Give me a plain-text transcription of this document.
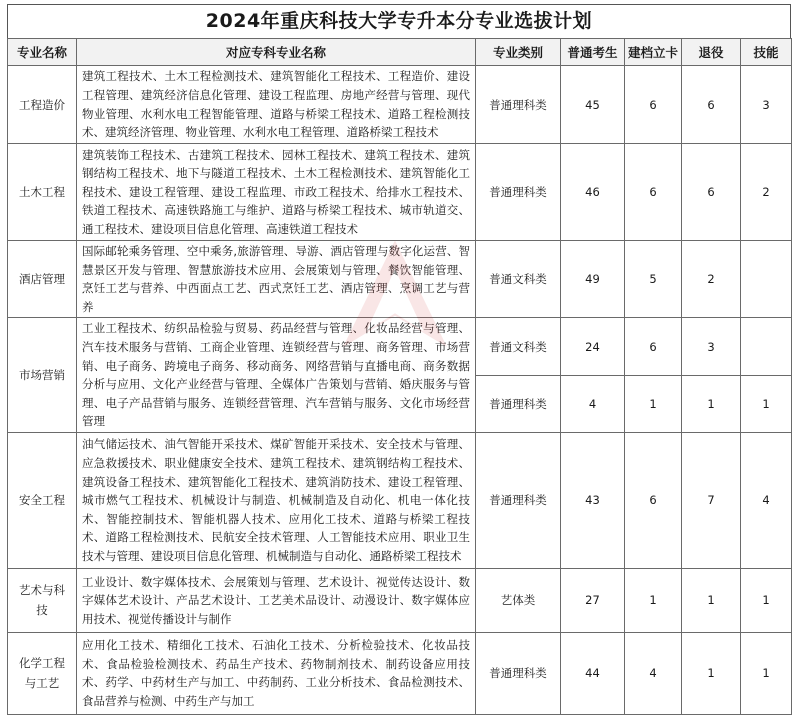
2024年重庆科技大学专升本分专业选拔计划
专业名称	对应专科专业名称	专业类别	普通考生	建档立卡	退役	技能
工程造价	建筑工程技术、土木工程检测技术、建筑智能化工程技术、工程造价、建设工程管理、建筑经济信息化管理、建设工程监理、房地产经营与管理、现代物业管理、水利水电工程智能管理、道路与桥梁工程技术、道路工程检测技术、建筑经济管理、物业管理、水利水电工程管理、道路桥梁工程技术	普通理科类	45	6	6	3
土木工程	建筑装饰工程技术、古建筑工程技术、园林工程技术、建筑工程技术、建筑钢结构工程技术、地下与隧道工程技术、土木工程检测技术、建筑智能化工程技术、建设工程管理、建设工程监理、市政工程技术、给排水工程技术、铁道工程技术、高速铁路施工与维护、道路与桥梁工程技术、城市轨道交、通工程技术、建设项目信息化管理、高速铁道工程技术	普通理科类	46	6	6	2
酒店管理	国际邮轮乘务管理、空中乘务,旅游管理、导游、酒店管理与数字化运营、智慧景区开发与管理、智慧旅游技术应用、会展策划与管理、餐饮智能管理、烹饪工艺与营养、中西面点工艺、西式烹饪工艺、酒店管理、烹调工艺与营养	普通文科类	49	5	2	
市场营销	工业工程技术、纺织品检验与贸易、药品经营与管理、化妆品经营与管理、汽车技术服务与营销、工商企业管理、连锁经营与管理、商务管理、市场营销、电子商务、跨境电子商务、移动商务、网络营销与直播电商、商务数据分析与应用、文化产业经营与管理、全媒体广告策划与营销、婚庆服务与管理、电子产品营销与服务、连锁经营管理、汽车营销与服务、文化市场经营管理	普通文科类	24	6	3	
		普通理科类	4	1	1	1
安全工程	油气储运技术、油气智能开采技术、煤矿智能开采技术、安全技术与管理、应急救援技术、职业健康安全技术、建筑工程技术、建筑钢结构工程技术、建筑设备工程技术、建筑智能化工程技术、建筑消防技术、建设工程管理、城市燃气工程技术、机械设计与制造、机械制造及自动化、机电一体化技术、智能控制技术、智能机器人技术、应用化工技术、道路与桥梁工程技术、道路工程检测技术、民航安全技术管理、人工智能技术应用、职业卫生技术与管理、建设项目信息化管理、机械制造与自动化、通路桥梁工程技术	普通理科类	43	6	7	4
艺术与科技	工业设计、数字媒体技术、会展策划与管理、艺术设计、视觉传达设计、数字媒体艺术设计、产品艺术设计、工艺美术品设计、动漫设计、数字媒体应用技术、视觉传播设计与制作	艺体类	27	1	1	1
化学工程与工艺	应用化工技术、精细化工技术、石油化工技术、分析检验技术、化妆品技术、食品检验检测技术、药品生产技术、药物制剂技术、制药设备应用技术、药学、中药材生产与加工、中药制药、工业分析技术、食品检测技术、食品营养与检测、中药生产与加工	普通理科类	44	4	1	1
